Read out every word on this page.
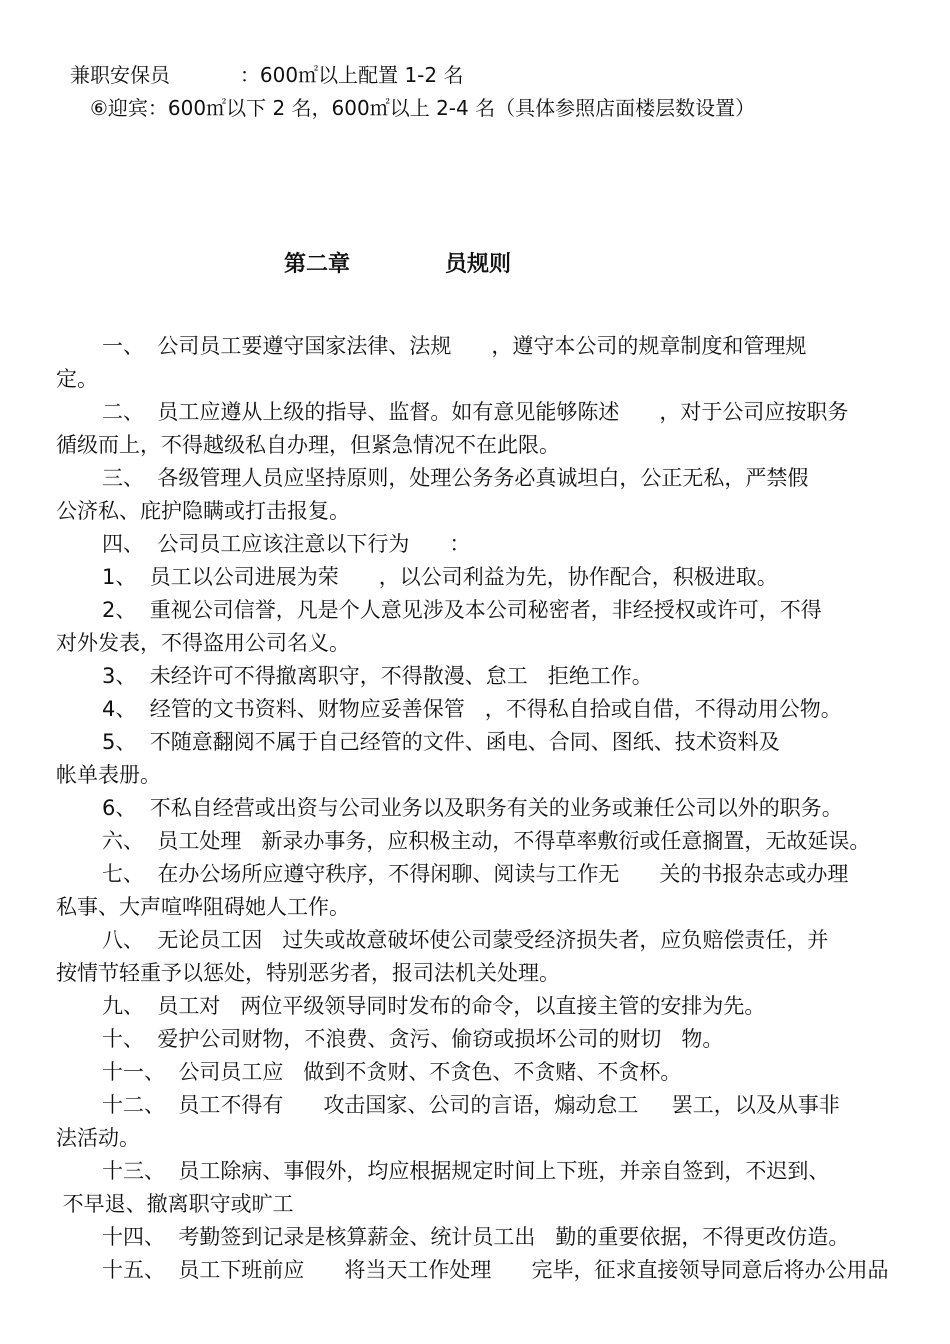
兼职安保员           ：600㎡以上配置 1-2 名
⑥迎宾：600㎡以下 2 名，600㎡以上 2-4 名（具体参照店面楼层数设置）
第二章	员规则
一、  公司员工要遵守国家法律、法规      ，遵守本公司的规章制度和管理规
定。
二、  员工应遵从上级的指导、监督。如有意见能够陈述      ，对于公司应按职务
循级而上，不得越级私自办理，但紧急情况不在此限。
三、  各级管理人员应坚持原则，处理公务务必真诚坦白，公正无私，严禁假
公济私、庇护隐瞒或打击报复。
四、  公司员工应该注意以下行为      ：
1、  员工以公司进展为荣      ，以公司利益为先，协作配合，积极进取。
2、  重视公司信誉，凡是个人意见涉及本公司秘密者，非经授权或许可，不得
对外发表，不得盗用公司名义。
3、  未经许可不得撤离职守，不得散漫、怠工   拒绝工作。
4、  经管的文书资料、财物应妥善保管   ，不得私自拾或自借，不得动用公物。
5、  不随意翻阅不属于自己经管的文件、函电、合同、图纸、技术资料及
帐单表册。
6、  不私自经营或出资与公司业务以及职务有关的业务或兼任公司以外的职务。
六、  员工处理   新录办事务，应积极主动，不得草率敷衍或任意搁置，无故延误。
七、  在办公场所应遵守秩序，不得闲聊、阅读与工作无      关的书报杂志或办理
私事、大声喧哗阻碍她人工作。
八、  无论员工因   过失或故意破坏使公司蒙受经济损失者，应负赔偿责任，并
按情节轻重予以惩处，特别恶劣者，报司法机关处理。
九、  员工对   两位平级领导同时发布的命令，以直接主管的安排为先。
十、  爱护公司财物，不浪费、贪污、偷窃或损坏公司的财切   物。
十一、  公司员工应   做到不贪财、不贪色、不贪赌、不贪杯。
十二、  员工不得有      攻击国家、公司的言语，煽动怠工     罢工，以及从事非
法活动。
十三、  员工除病、事假外，均应根据规定时间上下班，并亲自签到，不迟到、
不早退、撤离职守或旷工
十四、  考勤签到记录是核算薪金、统计员工出   勤的重要依据，不得更改仿造。
十五、  员工下班前应      将当天工作处理      完毕，征求直接领导同意后将办公用品
